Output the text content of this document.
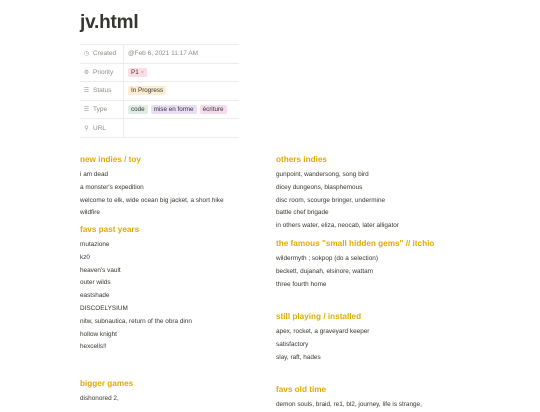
jv.html
◷ Created @Feb 6, 2021 11:17 AM
⚙ Priority	P1 ×
☰ Status	In Progress
☰ Type	code	mise en forme	écriture
⚲ URL
new indies / toy
i am dead
a monster's expedition
welcome to elk, wide ocean big jacket, a short hike
wildfire
favs past years
mutazione
kz0
heaven's vault
outer wilds
eastshade
DISCOELYSIUM
nitw, subnautica, return of the obra dinn
hollow knight
hexcells!!
bigger games
dishonored 2,
others indies
gunpoint, wandersong, song bird
dicey dungeons, blasphemous
disc room, scourge bringer, undermine
battle chef brigade
in others water, eliza, neocab, later alligator
the famous "small hidden gems" // itchio
wildermyth ; sokpop (do a selection)
beckett, dujanah, elsinore, wattam
three fourth home
still playing / installed
apex, rocket, a graveyard keeper
satisfactory
slay, raft, hades
favs old time
demon souls, braid, re1, bl2, journey, life is strange,
